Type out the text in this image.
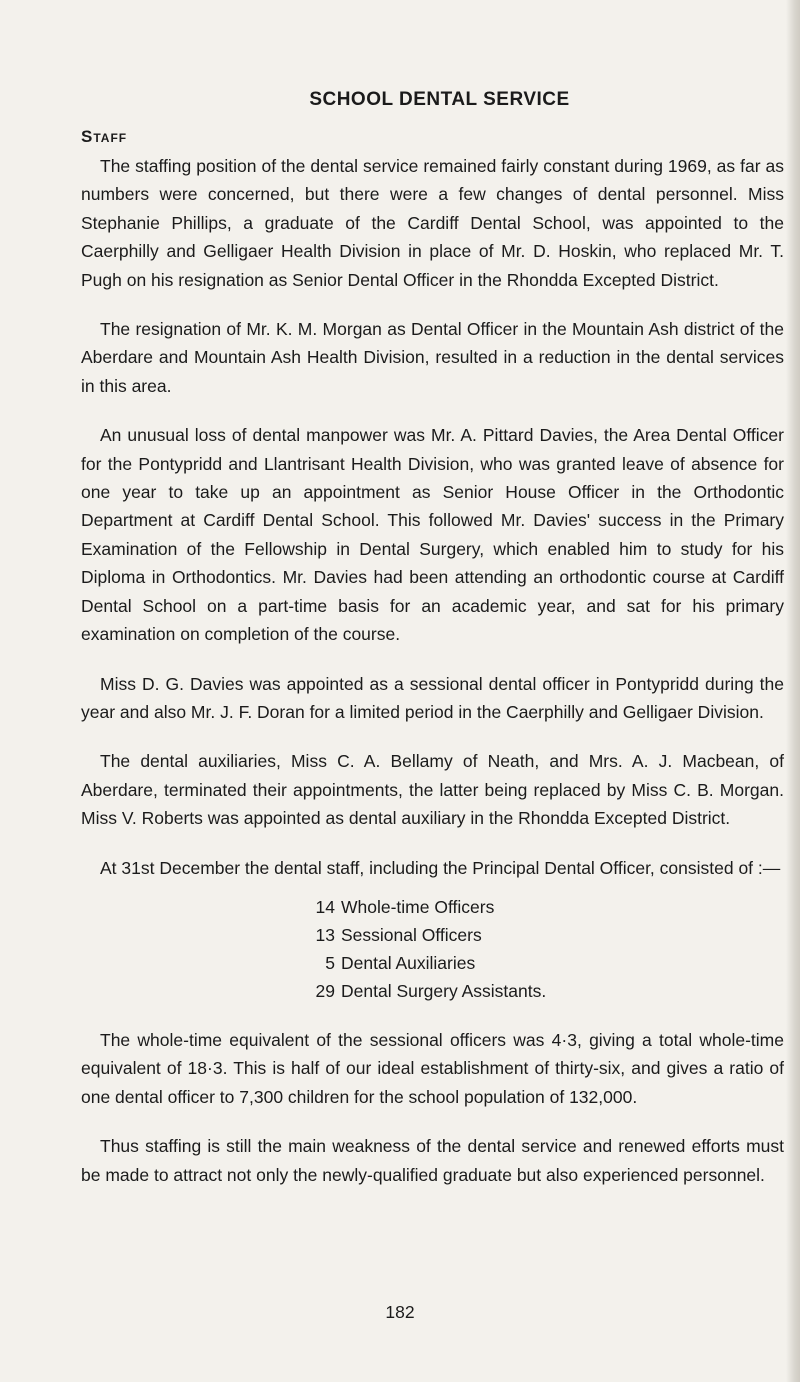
SCHOOL DENTAL SERVICE
Staff

The staffing position of the dental service remained fairly constant during 1969, as far as numbers were concerned, but there were a few changes of dental personnel. Miss Stephanie Phillips, a graduate of the Cardiff Dental School, was appointed to the Caerphilly and Gelligaer Health Division in place of Mr. D. Hoskin, who replaced Mr. T. Pugh on his resignation as Senior Dental Officer in the Rhondda Excepted District.

The resignation of Mr. K. M. Morgan as Dental Officer in the Mountain Ash district of the Aberdare and Mountain Ash Health Division, resulted in a reduction in the dental services in this area.

An unusual loss of dental manpower was Mr. A. Pittard Davies, the Area Dental Officer for the Pontypridd and Llantrisant Health Division, who was granted leave of absence for one year to take up an appointment as Senior House Officer in the Orthodontic Department at Cardiff Dental School. This followed Mr. Davies' success in the Primary Examination of the Fellowship in Dental Surgery, which enabled him to study for his Diploma in Orthodontics. Mr. Davies had been attending an orthodontic course at Cardiff Dental School on a part-time basis for an academic year, and sat for his primary examination on completion of the course.

Miss D. G. Davies was appointed as a sessional dental officer in Pontypridd during the year and also Mr. J. F. Doran for a limited period in the Caerphilly and Gelligaer Division.

The dental auxiliaries, Miss C. A. Bellamy of Neath, and Mrs. A. J. Macbean, of Aberdare, terminated their appointments, the latter being replaced by Miss C. B. Morgan. Miss V. Roberts was appointed as dental auxiliary in the Rhondda Excepted District.

At 31st December the dental staff, including the Principal Dental Officer, consisted of :—

14 Whole-time Officers
13 Sessional Officers
5 Dental Auxiliaries
29 Dental Surgery Assistants.

The whole-time equivalent of the sessional officers was 4·3, giving a total whole-time equivalent of 18·3. This is half of our ideal establishment of thirty-six, and gives a ratio of one dental officer to 7,300 children for the school population of 132,000.

Thus staffing is still the main weakness of the dental service and renewed efforts must be made to attract not only the newly-qualified graduate but also experienced personnel.

182
